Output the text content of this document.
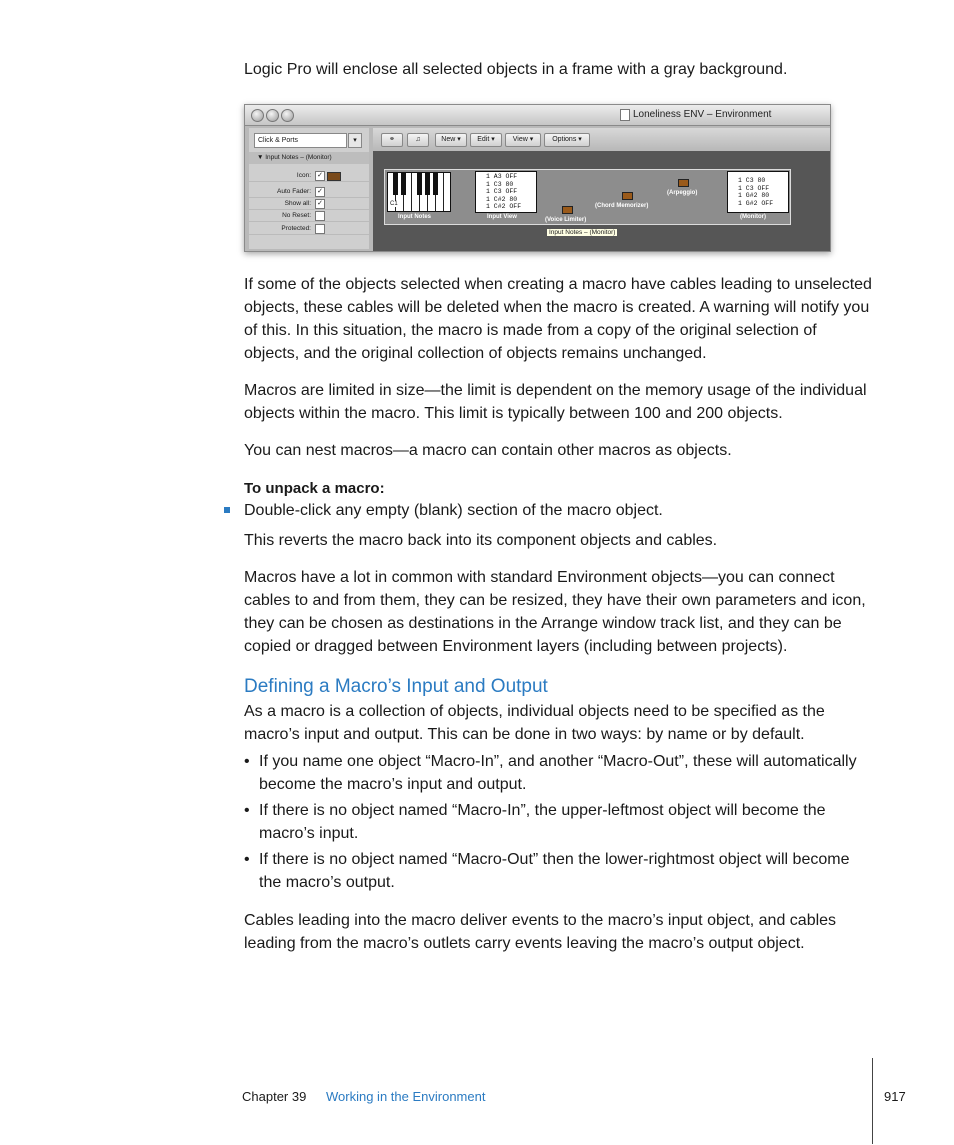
Logic Pro will enclose all selected objects in a frame with a gray background.

Loneliness ENV – Environment
Click & Ports	▾
▼ Input Notes – (Monitor)
Icon: ✓
Auto Fader: ✓
Show all: ✓
No Reset:
Protected:
⚭	♫	New ▾	Edit ▾	View ▾	Options ▾
C1
Input Notes
1 A3 OFF
1 C3 80
1 C3 OFF
1 C#2 80
1 C#2 OFF
Input View	(Voice Limiter)
(Chord Memorizer)
(Arpeggio)
1 C3 80
1 C3 OFF
1 G#2 80
1 G#2 OFF
(Monitor)
Input Notes – (Monitor)

If some of the objects selected when creating a macro have cables leading to unselected objects, these cables will be deleted when the macro is created. A warning will notify you of this. In this situation, the macro is made from a copy of the original selection of objects, and the original collection of objects remains unchanged.

Macros are limited in size—the limit is dependent on the memory usage of the individual objects within the macro. This limit is typically between 100 and 200 objects.

You can nest macros—a macro can contain other macros as objects.

To unpack a macro:

Double-click any empty (blank) section of the macro object.

This reverts the macro back into its component objects and cables.

Macros have a lot in common with standard Environment objects—you can connect cables to and from them, they can be resized, they have their own parameters and icon, they can be chosen as destinations in the Arrange window track list, and they can be copied or dragged between Environment layers (including between projects).

Defining a Macro’s Input and Output

As a macro is a collection of objects, individual objects need to be specified as the macro’s input and output. This can be done in two ways: by name or by default.

• If you name one object “Macro-In”, and another “Macro-Out”, these will automatically become the macro’s input and output.

• If there is no object named “Macro-In”, the upper-leftmost object will become the macro’s input.

• If there is no object named “Macro-Out” then the lower-rightmost object will become the macro’s output.

Cables leading into the macro deliver events to the macro’s input object, and cables leading from the macro’s outlets carry events leaving the macro’s output object.

Chapter 39 Working in the Environment	917
